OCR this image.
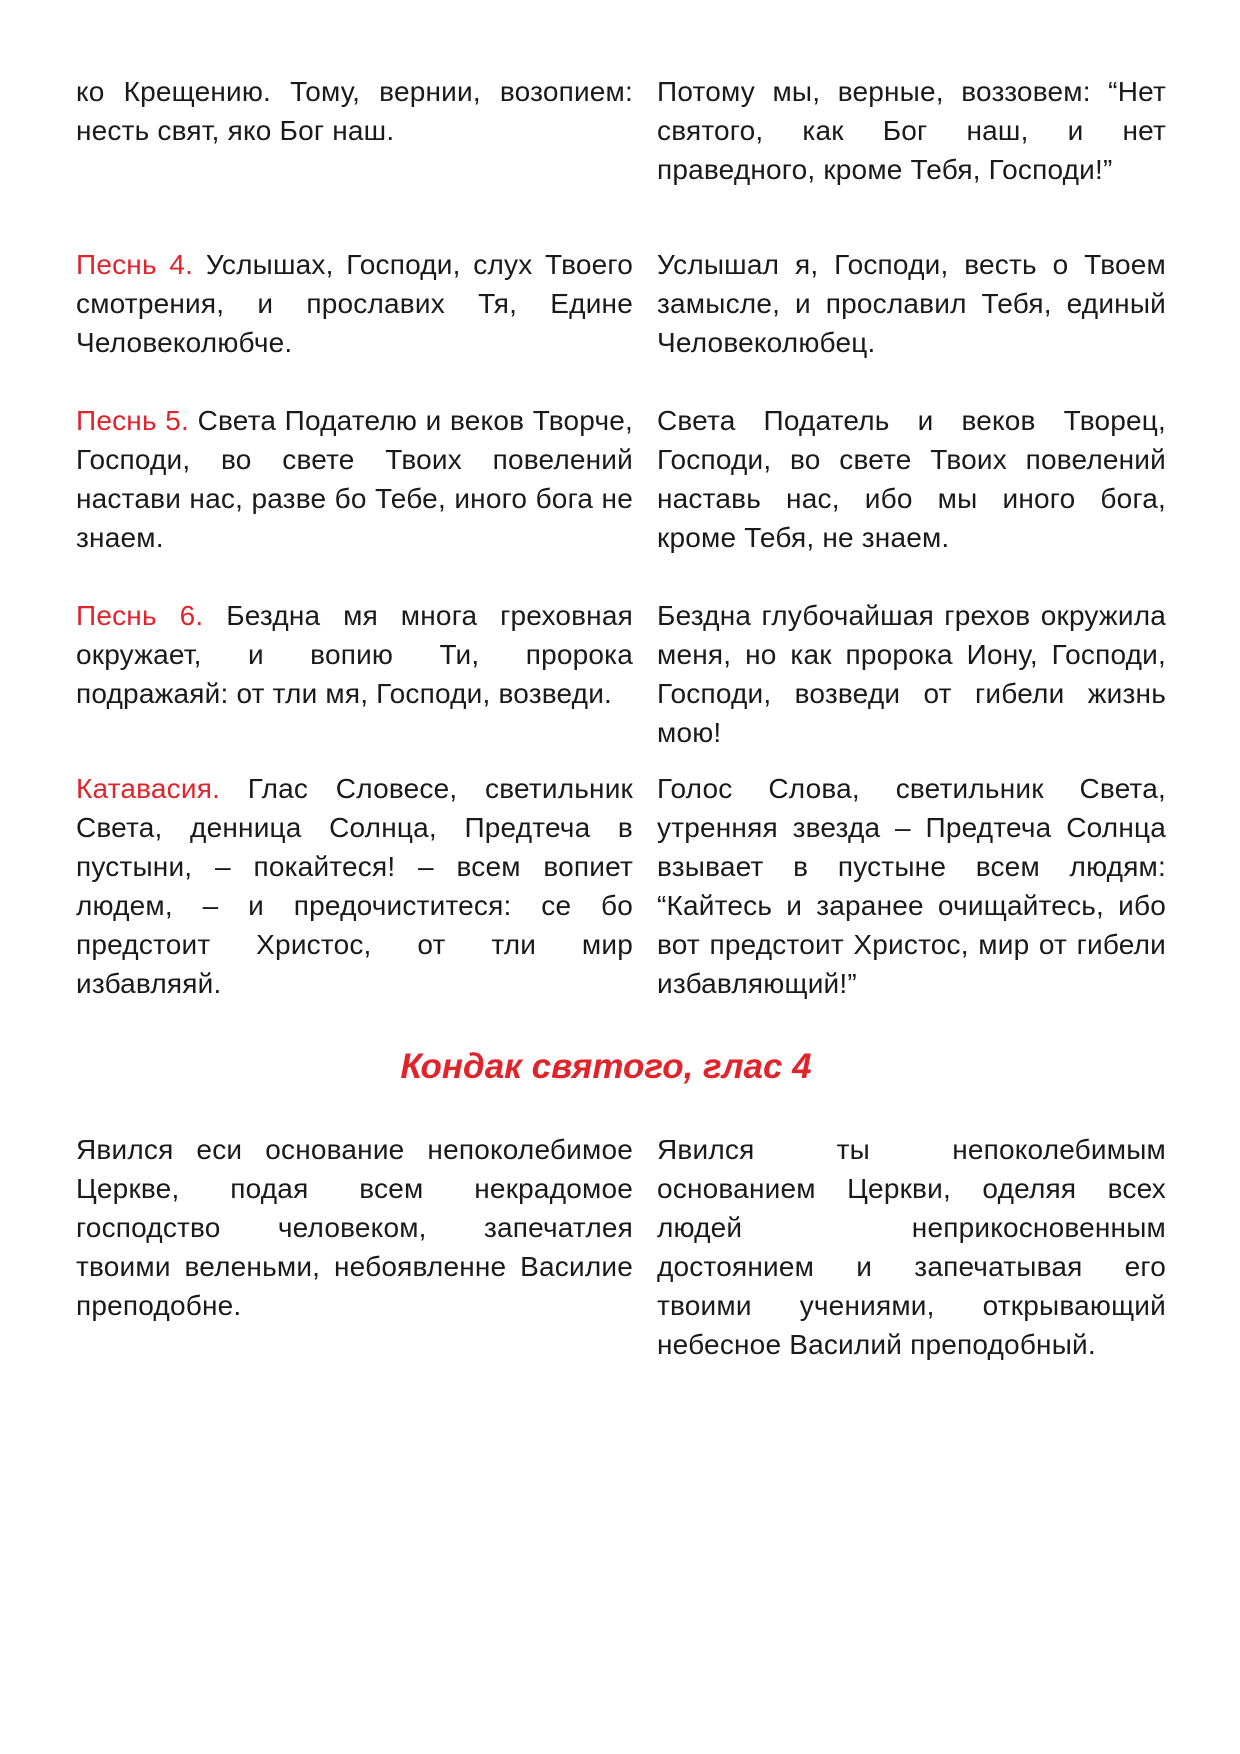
ко Крещению. Тому, вернии, возопием: несть свят, яко Бог наш.
Потому мы, верные, воззовем: “Нет святого, как Бог наш, и нет праведного, кроме Тебя, Господи!”
Песнь 4. Услышах, Господи, слух Твоего смотрения, и прославих Тя, Едине Человеколюбче.
Услышал я, Господи, весть о Твоем замысле, и прославил Тебя, единый Человеколюбец.
Песнь 5. Света Подателю и веков Творче, Господи, во свете Твоих повелений настави нас, разве бо Тебе, иного бога не знаем.
Света Податель и веков Творец, Господи, во свете Твоих повелений наставь нас, ибо мы иного бога, кроме Тебя, не знаем.
Песнь 6. Бездна мя многа греховная окружает, и вопию Ти, пророка подражаяй: от тли мя, Господи, возведи.
Бездна глубочайшая грехов окружила меня, но как пророка Иону, Господи, Господи, возведи от гибели жизнь мою!
Катавасия. Глас Словесе, светильник Света, денница Солнца, Предтеча в пустыни, – покайтеся! – всем вопиет людем, – и предочиститеся: се бо предстоит Христос, от тли мир избавляяй.
Голос Слова, светильник Света, утренняя звезда – Предтеча Солнца взывает в пустыне всем людям: “Кайтесь и заранее очищайтесь, ибо вот предстоит Христос, мир от гибели избавляющий!”
Кондак святого, глас 4
Явился еси основание непоколебимое Церкве, подая всем некрадомое господство человеком, запечатлея твоими веленьми, небоявленне Василие преподобне.
Явился ты непоколебимым основанием Церкви, оделяя всех людей неприкосновенным достоянием и запечатывая его твоими учениями, открывающий небесное Василий преподобный.
